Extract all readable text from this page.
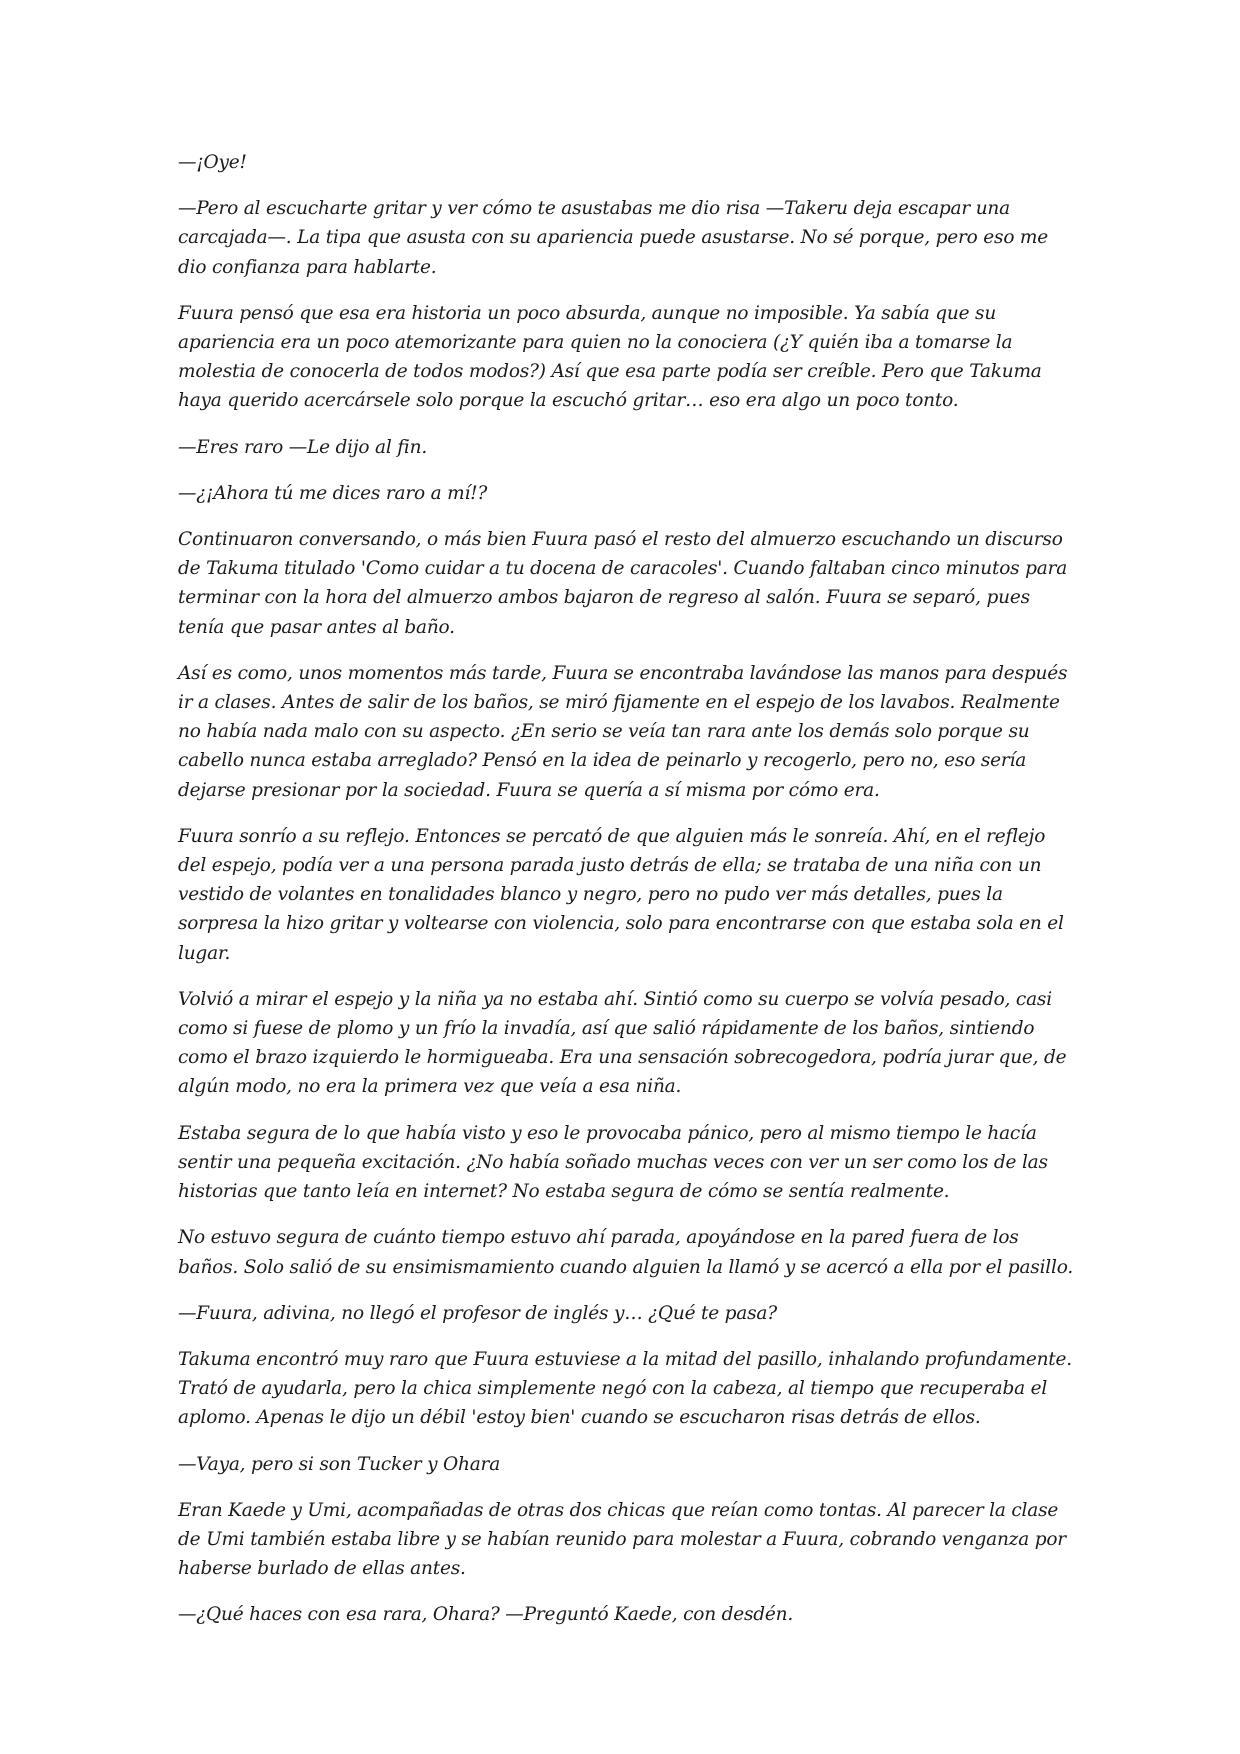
—¡Oye!

—Pero al escucharte gritar y ver cómo te asustabas me dio risa —Takeru deja escapar una carcajada—. La tipa que asusta con su apariencia puede asustarse. No sé porque, pero eso me dio confianza para hablarte.

Fuura pensó que esa era historia un poco absurda, aunque no imposible. Ya sabía que su apariencia era un poco atemorizante para quien no la conociera (¿Y quién iba a tomarse la molestia de conocerla de todos modos?) Así que esa parte podía ser creíble. Pero que Takuma haya querido acercársele solo porque la escuchó gritar… eso era algo un poco tonto.

—Eres raro —Le dijo al fin.

—¿¡Ahora tú me dices raro a mí!?

Continuaron conversando, o más bien Fuura pasó el resto del almuerzo escuchando un discurso de Takuma titulado 'Como cuidar a tu docena de caracoles'. Cuando faltaban cinco minutos para terminar con la hora del almuerzo ambos bajaron de regreso al salón. Fuura se separó, pues tenía que pasar antes al baño.

Así es como, unos momentos más tarde, Fuura se encontraba lavándose las manos para después ir a clases. Antes de salir de los baños, se miró fijamente en el espejo de los lavabos. Realmente no había nada malo con su aspecto. ¿En serio se veía tan rara ante los demás solo porque su cabello nunca estaba arreglado? Pensó en la idea de peinarlo y recogerlo, pero no, eso sería dejarse presionar por la sociedad. Fuura se quería a sí misma por cómo era.

Fuura sonrío a su reflejo. Entonces se percató de que alguien más le sonreía. Ahí, en el reflejo del espejo, podía ver a una persona parada justo detrás de ella; se trataba de una niña con un vestido de volantes en tonalidades blanco y negro, pero no pudo ver más detalles, pues la sorpresa la hizo gritar y voltearse con violencia, solo para encontrarse con que estaba sola en el lugar.

Volvió a mirar el espejo y la niña ya no estaba ahí. Sintió como su cuerpo se volvía pesado, casi como si fuese de plomo y un frío la invadía, así que salió rápidamente de los baños, sintiendo como el brazo izquierdo le hormigueaba. Era una sensación sobrecogedora, podría jurar que, de algún modo, no era la primera vez que veía a esa niña.

Estaba segura de lo que había visto y eso le provocaba pánico, pero al mismo tiempo le hacía sentir una pequeña excitación. ¿No había soñado muchas veces con ver un ser como los de las historias que tanto leía en internet? No estaba segura de cómo se sentía realmente.

No estuvo segura de cuánto tiempo estuvo ahí parada, apoyándose en la pared fuera de los baños. Solo salió de su ensimismamiento cuando alguien la llamó y se acercó a ella por el pasillo.

—Fuura, adivina, no llegó el profesor de inglés y… ¿Qué te pasa?

Takuma encontró muy raro que Fuura estuviese a la mitad del pasillo, inhalando profundamente. Trató de ayudarla, pero la chica simplemente negó con la cabeza, al tiempo que recuperaba el aplomo. Apenas le dijo un débil 'estoy bien' cuando se escucharon risas detrás de ellos.

—Vaya, pero si son Tucker y Ohara

Eran Kaede y Umi, acompañadas de otras dos chicas que reían como tontas. Al parecer la clase de Umi también estaba libre y se habían reunido para molestar a Fuura, cobrando venganza por haberse burlado de ellas antes.

—¿Qué haces con esa rara, Ohara? —Preguntó Kaede, con desdén.
